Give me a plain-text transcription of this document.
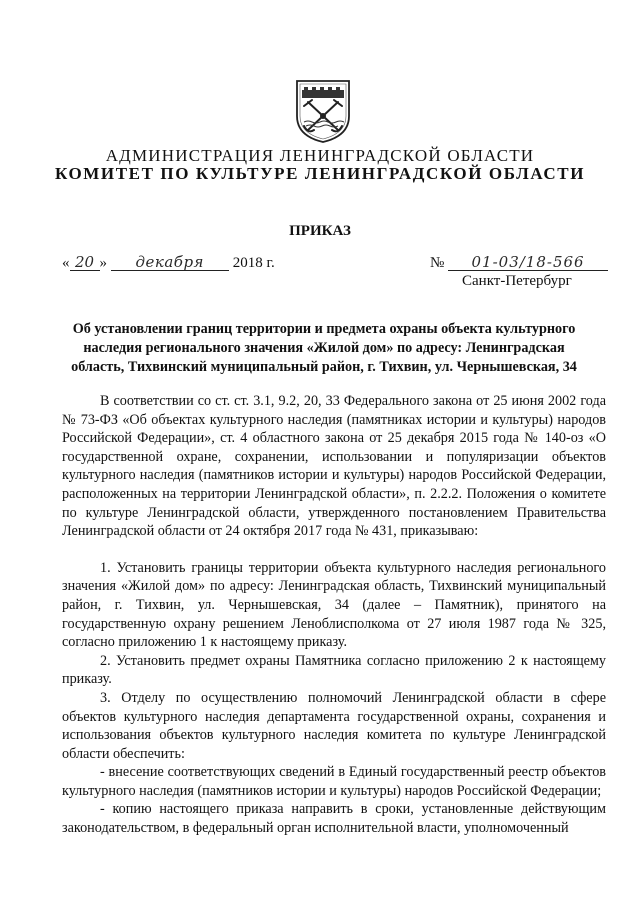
АДМИНИСТРАЦИЯ ЛЕНИНГРАДСКОЙ ОБЛАСТИ
КОМИТЕТ ПО КУЛЬТУРЕ ЛЕНИНГРАДСКОЙ ОБЛАСТИ
ПРИКАЗ
« 20 » декабря 2018 г.	№ 01-03/18-566
Санкт-Петербург
Об установлении границ территории и предмета охраны объекта культурного наследия регионального значения «Жилой дом» по адресу: Ленинградская область, Тихвинский муниципальный район, г. Тихвин, ул. Чернышевская, 34

В соответствии со ст. ст. 3.1, 9.2, 20, 33 Федерального закона от 25 июня 2002 года № 73-ФЗ «Об объектах культурного наследия (памятниках истории и культуры) народов Российской Федерации», ст. 4 областного закона от 25 декабря 2015 года № 140-оз «О государственной охране, сохранении, использовании и популяризации объектов культурного наследия (памятников истории и культуры) народов Российской Федерации, расположенных на территории Ленинградской области», п. 2.2.2. Положения о комитете по культуре Ленинградской области, утвержденного постановлением Правительства Ленинградской области от 24 октября 2017 года № 431, приказываю:

1. Установить границы территории объекта культурного наследия регионального значения «Жилой дом» по адресу: Ленинградская область, Тихвинский муниципальный район, г. Тихвин, ул. Чернышевская, 34 (далее – Памятник), принятого на государственную охрану решением Леноблисполкома от 27 июля 1987 года № 325, согласно приложению 1 к настоящему приказу.

2. Установить предмет охраны Памятника согласно приложению 2 к настоящему приказу.

3. Отделу по осуществлению полномочий Ленинградской области в сфере объектов культурного наследия департамента государственной охраны, сохранения и использования объектов культурного наследия комитета по культуре Ленинградской области обеспечить:

- внесение соответствующих сведений в Единый государственный реестр объектов культурного наследия (памятников истории и культуры) народов Российской Федерации;

- копию настоящего приказа направить в сроки, установленные действующим законодательством, в федеральный орган исполнительной власти, уполномоченный
